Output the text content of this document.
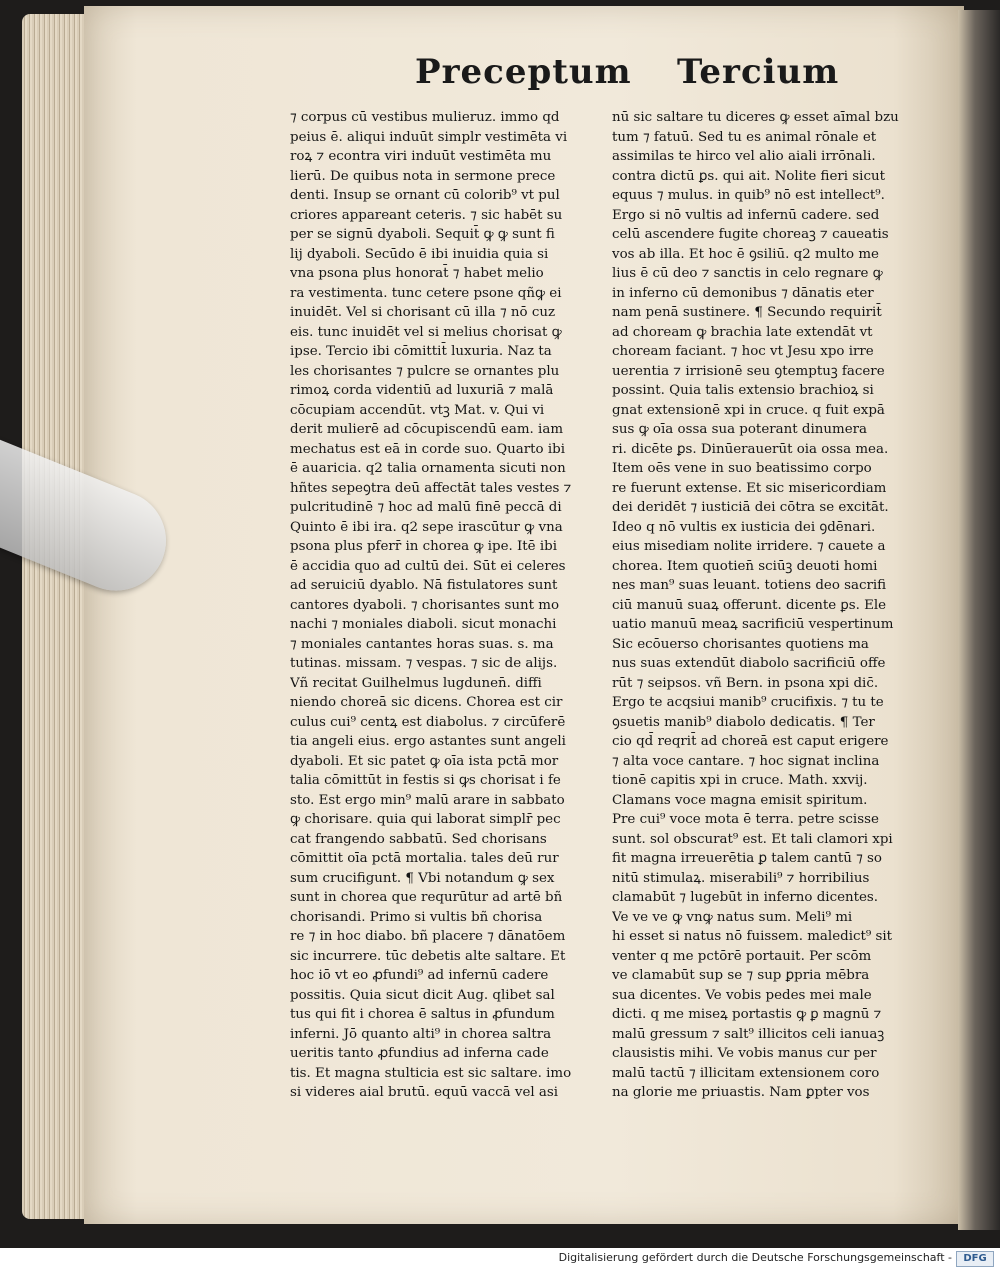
Preceptum Tercium
⁊ corpus cū vestibus mulieruz. immo qd
peius ē. aliqui induūt simplr vestimēta vi
roꝝ ⁊ econtra viri induūt vestimēta mu
lierū. De quibus nota in sermone prece
denti. Insup se ornant cū colorib⁹ vt pul
criores appareant ceteris. ⁊ sic habēt su
per se signū dyaboli. Sequit̄ ꝙ ꝙ sunt fi
lij dyaboli. Secūdo ē ibi inuidia quia si
vna psona plus honorat̄ ⁊ habet melio
ra vestimenta. tunc cetere psone qñꝙ ei
inuidēt. Vel si chorisant cū illa ⁊ nō cuz
eis. tunc inuidēt vel si melius chorisat ꝙ
ipse. Tercio ibi cōmittit̄ luxuria. Naz ta
les chorisantes ⁊ pulcre se ornantes plu
rimoꝝ corda videntiū ad luxuriā ⁊ malā
cōcupiam accendūt. vtꝫ Mat. v. Qui vi
derit mulierē ad cōcupiscendū eam. iam
mechatus est eā in corde suo. Quarto ibi
ē auaricia. q2 talia ornamenta sicuti non
hñtes sepeꝯtra deū affectāt tales vestes ⁊
pulcritudinē ⁊ hoc ad malū finē peccā di
Quinto ē ibi ira. q2 sepe irascūtur ꝙ vna
psona plus pferr̄ in chorea ꝙ ipe. Itē ibi
ē accidia quo ad cultū dei. Sūt ei celeres
ad seruiciū dyablo. Nā fistulatores sunt
cantores dyaboli. ⁊ chorisantes sunt mo
nachi ⁊ moniales diaboli. sicut monachi
⁊ moniales cantantes horas suas. s. ma
tutinas. missam. ⁊ vespas. ⁊ sic de alijs.
Vñ recitat Guilhelmus lugdunen̄. diffi
niendo choreā sic dicens. Chorea est cir
culus cui⁹ centꝝ est diabolus. ⁊ circūferē
tia angeli eius. ergo astantes sunt angeli
dyaboli. Et sic patet ꝙ oīa ista pctā mor
talia cōmittūt in festis si ꝙs chorisat i fe
sto. Est ergo min⁹ malū arare in sabbato
ꝙ chorisare. quia qui laborat simplr̄ pec
cat frangendo sabbatū. Sed chorisans
cōmittit oīa pctā mortalia. tales deū rur
sum crucifigunt. ¶ Vbi notandum ꝙ sex
sunt in chorea que requrūtur ad artē bñ
chorisandi. Primo si vultis bñ chorisa
re ⁊ in hoc diabo. bñ placere ⁊ dānatōem
sic incurrere. tūc debetis alte saltare. Et
hoc iō vt eo ꝓfundi⁹ ad infernū cadere
possitis. Quia sicut dicit Aug. qlibet sal
tus qui fit i chorea ē saltus in ꝓfundum
inferni. Jō quanto alti⁹ in chorea saltra
ueritis tanto ꝓfundius ad inferna cade
tis. Et magna stulticia est sic saltare. imo
si videres aial brutū. equū vaccā vel asi
nū sic saltare tu diceres ꝙ esset aīmal bzu
tum ⁊ fatuū. Sed tu es animal rōnale et
assimilas te hirco vel alio aiali irrōnali.
contra dictū ꝑs. qui ait. Nolite fieri sicut
equus ⁊ mulus. in quib⁹ nō est intellect⁹.
Ergo si nō vultis ad infernū cadere. sed
celū ascendere fugite choreaꝫ ⁊ caueatis
vos ab illa. Et hoc ē ꝯsiliū. q2 multo me
lius ē cū deo ⁊ sanctis in celo regnare ꝙ
in inferno cū demonibus ⁊ dānatis eter
nam penā sustinere. ¶ Secundo requirit̄
ad choream ꝙ brachia late extendāt vt
choream faciant. ⁊ hoc vt Jesu xpo irre
uerentia ⁊ irrisionē seu ꝯtemptuꝫ facere
possint. Quia talis extensio brachioꝝ si
gnat extensionē xpi in cruce. q fuit expā
sus ꝙ oīa ossa sua poterant dinumera
ri. dicēte ꝑs. Dinūerauerūt oia ossa mea.
Item oēs vene in suo beatissimo corpo
re fuerunt extense. Et sic misericordiam
dei deridēt ⁊ iusticiā dei cōtra se excitāt.
Ideo q nō vultis ex iusticia dei ꝯdēnari.
eius misediam nolite irridere. ⁊ cauete a
chorea. Item quotien̄ sciūꝫ deuoti homi
nes man⁹ suas leuant. totiens deo sacrifi
ciū manuū suaꝝ offerunt. dicente ꝑs. Ele
uatio manuū meaꝝ sacrificiū vespertinum
Sic ecōuerso chorisantes quotiens ma
nus suas extendūt diabolo sacrificiū offe
rūt ⁊ seipsos. vñ Bern. in psona xpi dic̄.
Ergo te acqsiui manib⁹ crucifixis. ⁊ tu te
ꝯsuetis manib⁹ diabolo dedicatis. ¶ Ter
cio qd̄ reqrit̄ ad choreā est caput erigere
⁊ alta voce cantare. ⁊ hoc signat inclina
tionē capitis xpi in cruce. Math. xxvij.
Clamans voce magna emisit spiritum.
Pre cui⁹ voce mota ē terra. petre scisse
sunt. sol obscurat⁹ est. Et tali clamori xpi
fit magna irreuerētia ꝑ talem cantū ⁊ so
nitū stimulaꝝ. miserabili⁹ ⁊ horribilius
clamabūt ⁊ lugebūt in inferno dicentes.
Ve ve ve ꝙ vnꝙ natus sum. Meli⁹ mi
hi esset si natus nō fuissem. maledict⁹ sit
venter q me pctōrē portauit. Per scōm
ve clamabūt sup se ⁊ sup ꝑpria mēbra
sua dicentes. Ve vobis pedes mei male
dicti. q me miseꝝ portastis ꝙ ꝑ magnū ⁊
malū gressum ⁊ salt⁹ illicitos celi ianuaꝫ
clausistis mihi. Ve vobis manus cur per
malū tactū ⁊ illicitam extensionem coro
na glorie me priuastis. Nam ꝑpter vos
Digitalisierung gefördert durch die Deutsche Forschungsgemeinschaft -	DFG
